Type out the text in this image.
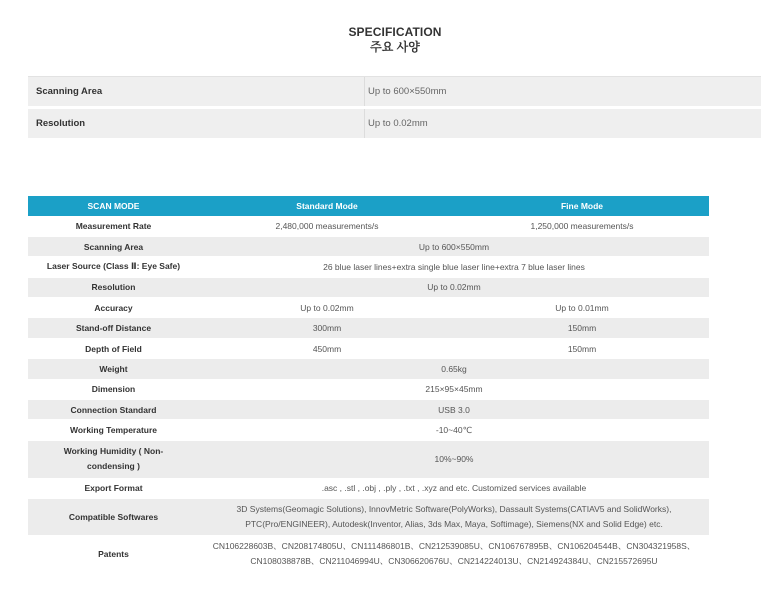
SPECIFICATION
주요 사양
Scanning Area	Up to 600×550mm
Resolution	Up to 0.02mm
SCAN MODE	Standard Mode	Fine Mode
Measurement Rate	2,480,000 measurements/s	1,250,000 measurements/s
Scanning Area	Up to 600×550mm	
Laser Source (Class Ⅱ: Eye Safe)	26 blue laser lines+extra single blue laser line+extra 7 blue laser lines	
Resolution	Up to 0.02mm	
Accuracy	Up to 0.02mm	Up to 0.01mm
Stand-off Distance	300mm	150mm
Depth of Field	450mm	150mm
Weight	0.65kg	
Dimension	215×95×45mm	
Connection Standard	USB 3.0	
Working Temperature	-10~40℃	

Working Humidity ( Non-
condensing )	10%~90%	
Export Format	.asc , .stl , .obj , .ply , .txt , .xyz and etc. Customized services available	
Compatible Softwares	3D Systems(Geomagic Solutions), InnovMetric Software(PolyWorks), Dassault Systems(CATIAV5 and SolidWorks),
PTC(Pro/ENGINEER), Autodesk(Inventor, Alias, 3ds Max, Maya, Softimage), Siemens(NX and Solid Edge) etc.	

Patents	CN106228603B、CN208174805U、CN111486801B、CN212539085U、CN106767895B、CN106204544B、CN304321958S、
CN108038878B、CN211046994U、CN306620676U、CN214224013U、CN214924384U、CN215572695U	
